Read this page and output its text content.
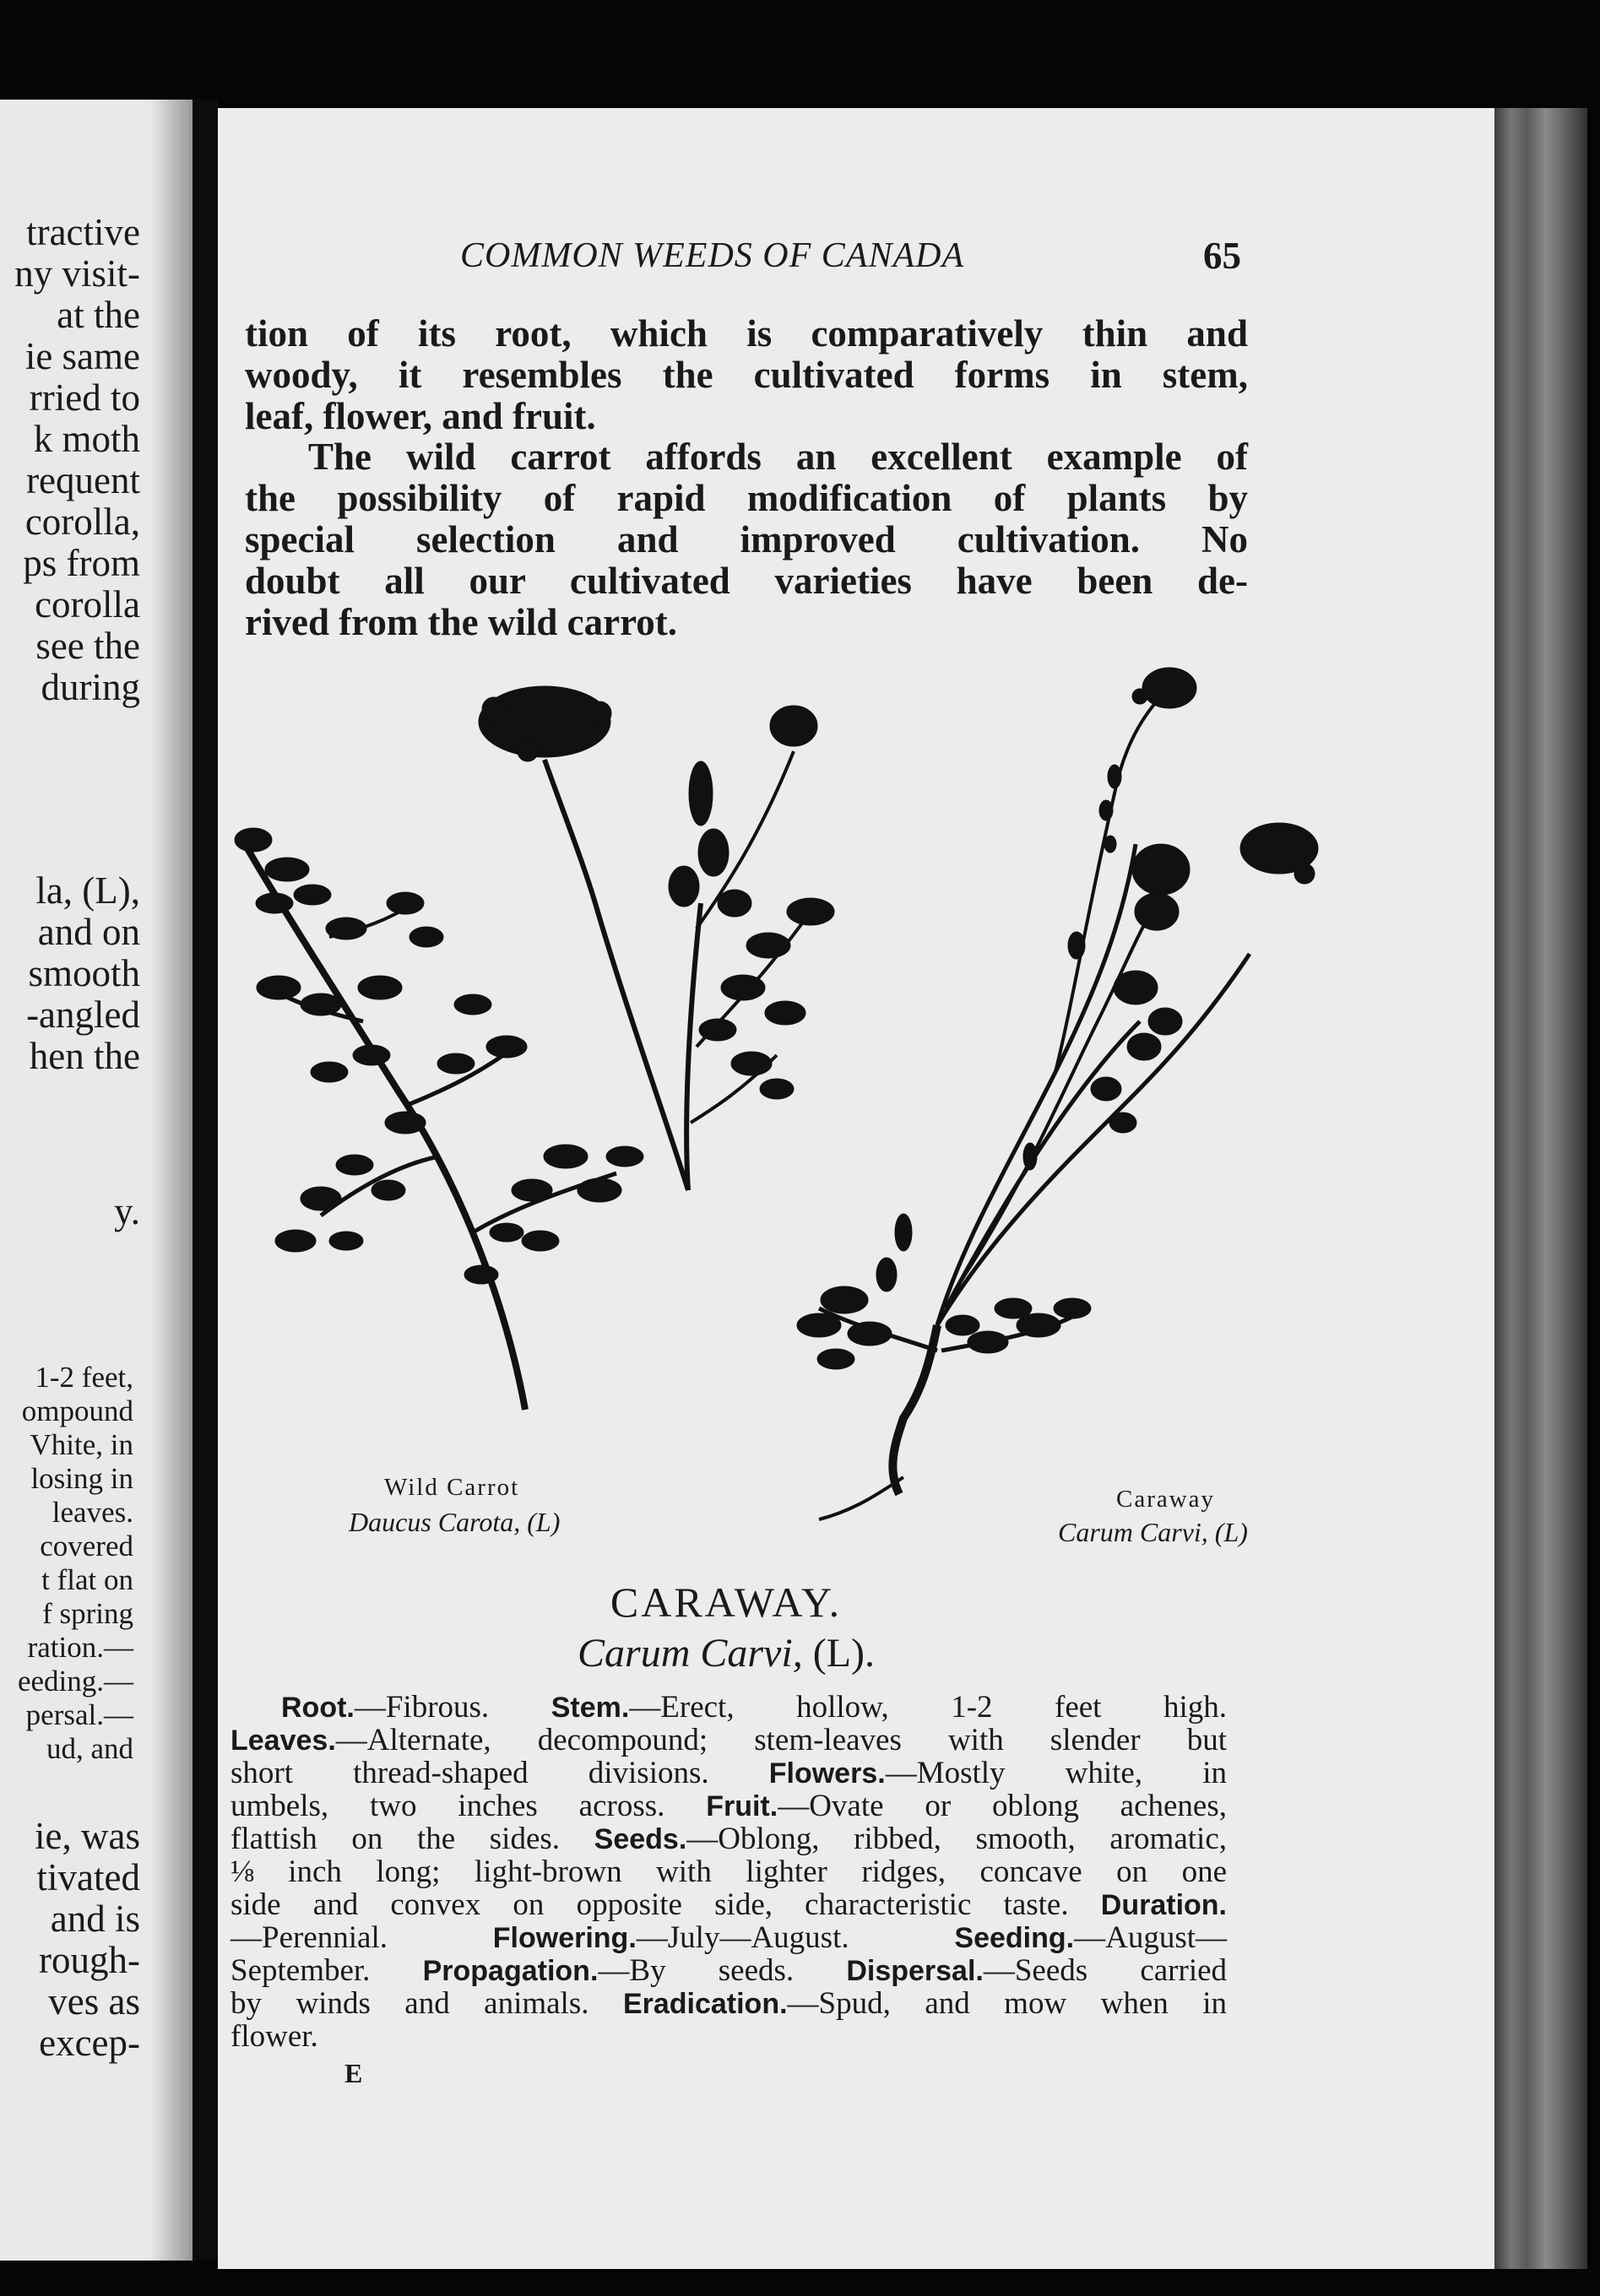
tractive
ny visit-
at the
ie same
rried to
k moth
requent
corolla,
ps from
corolla
see the
during
la, (L),
and on
smooth
-angled
hen the
1-2 feet,
ompound
Vhite, in
losing in
leaves.
covered
t flat on
f spring
ration.—
eeding.—
persal.—
ud, and
ie, was
tivated
and is
rough-
ves as
excep-
y.
COMMON WEEDS OF CANADA	65
tion of its root, which is comparatively thin and
woody, it resembles the cultivated forms in stem,
leaf, flower, and fruit.
The wild carrot affords an excellent example of
the possibility of rapid modification of plants by
special selection and improved cultivation. No
doubt all our cultivated varieties have been de-
rived from the wild carrot.
Wild Carrot
Daucus Carota, (L)
Caraway
Carum Carvi, (L)
CARAWAY.
Carum Carvi, (L).
Root.—Fibrous. Stem.—Erect, hollow, 1-2 feet high.
Leaves.—Alternate, decompound; stem-leaves with slender but
short thread-shaped divisions. Flowers.—Mostly white, in
umbels, two inches across. Fruit.—Ovate or oblong achenes,
flattish on the sides. Seeds.—Oblong, ribbed, smooth, aromatic,
⅛ inch long; light-brown with lighter ridges, concave on one
side and convex on opposite side, characteristic taste. Duration.
—Perennial. Flowering.—July—August. Seeding.—August—
September. Propagation.—By seeds. Dispersal.—Seeds carried
by winds and animals. Eradication.—Spud, and mow when in
flower.
E
